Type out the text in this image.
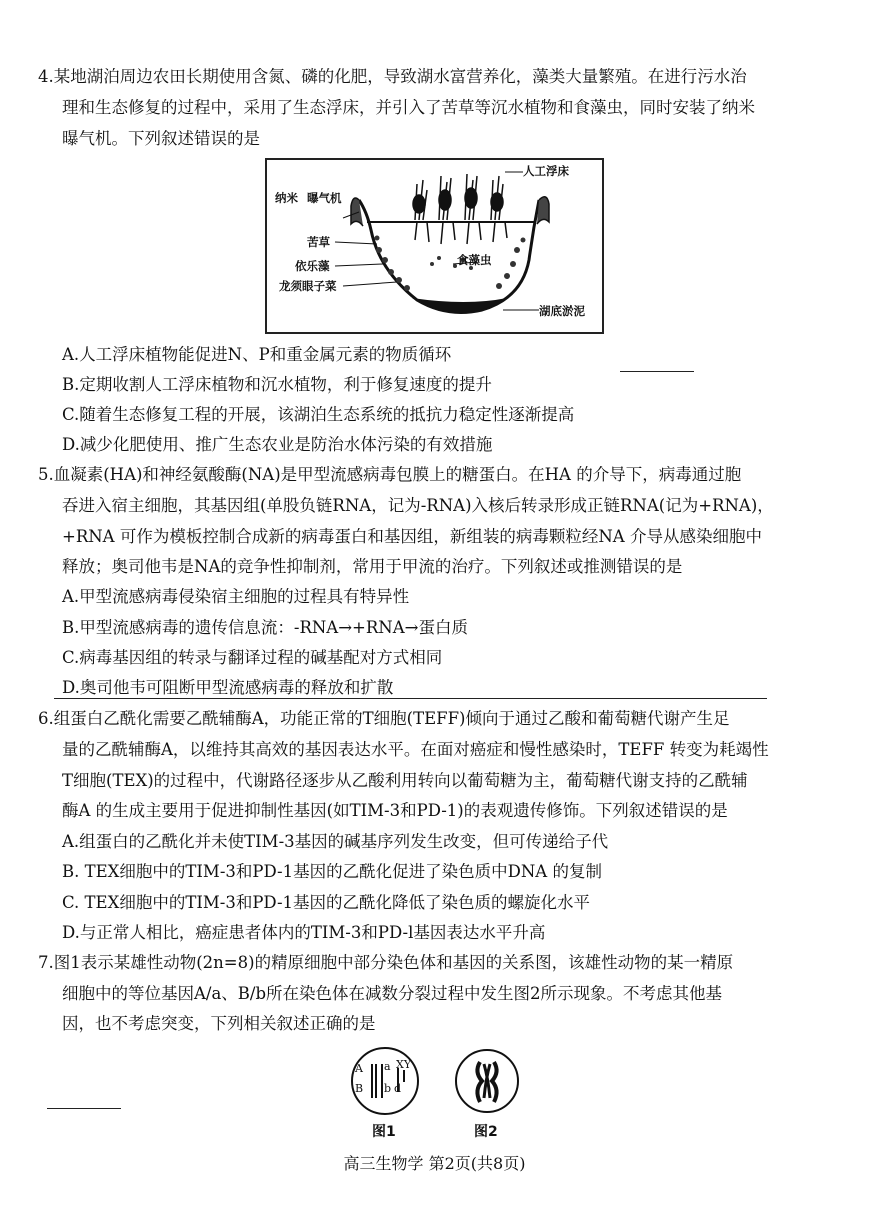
4.某地湖泊周边农田长期使用含氮、磷的化肥，导致湖水富营养化，藻类大量繁殖。在进行污水治
理和生态修复的过程中，采用了生态浮床，并引入了苦草等沉水植物和食藻虫，同时安装了纳米
曝气机。下列叙述错误的是
人工浮床
纳米 曝气机
苦草
依乐藻
龙须眼子菜
食藻虫
湖底淤泥
A.人工浮床植物能促进N、P和重金属元素的物质循环
B.定期收割人工浮床植物和沉水植物，利于修复速度的提升
C.随着生态修复工程的开展，该湖泊生态系统的抵抗力稳定性逐渐提高
D.减少化肥使用、推广生态农业是防治水体污染的有效措施
5.血凝素(HA)和神经氨酸酶(NA)是甲型流感病毒包膜上的糖蛋白。在HA 的介导下，病毒通过胞
吞进入宿主细胞，其基因组(单股负链RNA，记为-RNA)入核后转录形成正链RNA(记为+RNA)，
+RNA 可作为模板控制合成新的病毒蛋白和基因组，新组装的病毒颗粒经NA 介导从感染细胞中
释放；奥司他韦是NA的竞争性抑制剂，常用于甲流的治疗。下列叙述或推测错误的是
A.甲型流感病毒侵染宿主细胞的过程具有特异性
B.甲型流感病毒的遗传信息流：-RNA→+RNA→蛋白质
C.病毒基因组的转录与翻译过程的碱基配对方式相同
D.奥司他韦可阻断甲型流感病毒的释放和扩散
6.组蛋白乙酰化需要乙酰辅酶A，功能正常的T细胞(TEFF)倾向于通过乙酸和葡萄糖代谢产生足
量的乙酰辅酶A，以维持其高效的基因表达水平。在面对癌症和慢性感染时，TEFF 转变为耗竭性
T细胞(TEX)的过程中，代谢路径逐步从乙酸利用转向以葡萄糖为主，葡萄糖代谢支持的乙酰辅
酶A 的生成主要用于促进抑制性基因(如TIM-3和PD-1)的表观遗传修饰。下列叙述错误的是
A.组蛋白的乙酰化并未使TIM-3基因的碱基序列发生改变，但可传递给子代
B. TEX细胞中的TIM-3和PD-1基因的乙酰化促进了染色质中DNA 的复制
C. TEX细胞中的TIM-3和PD-1基因的乙酰化降低了染色质的螺旋化水平
D.与正常人相比，癌症患者体内的TIM-3和PD-l基因表达水平升高
7.图1表示某雄性动物(2n=8)的精原细胞中部分染色体和基因的关系图，该雄性动物的某一精原
细胞中的等位基因A/a、B/b所在染色体在减数分裂过程中发生图2所示现象。不考虑其他基
因，也不考虑突变，下列相关叙述正确的是
A a XY
B b d
图1	图2
高三生物学 第2页(共8页)
